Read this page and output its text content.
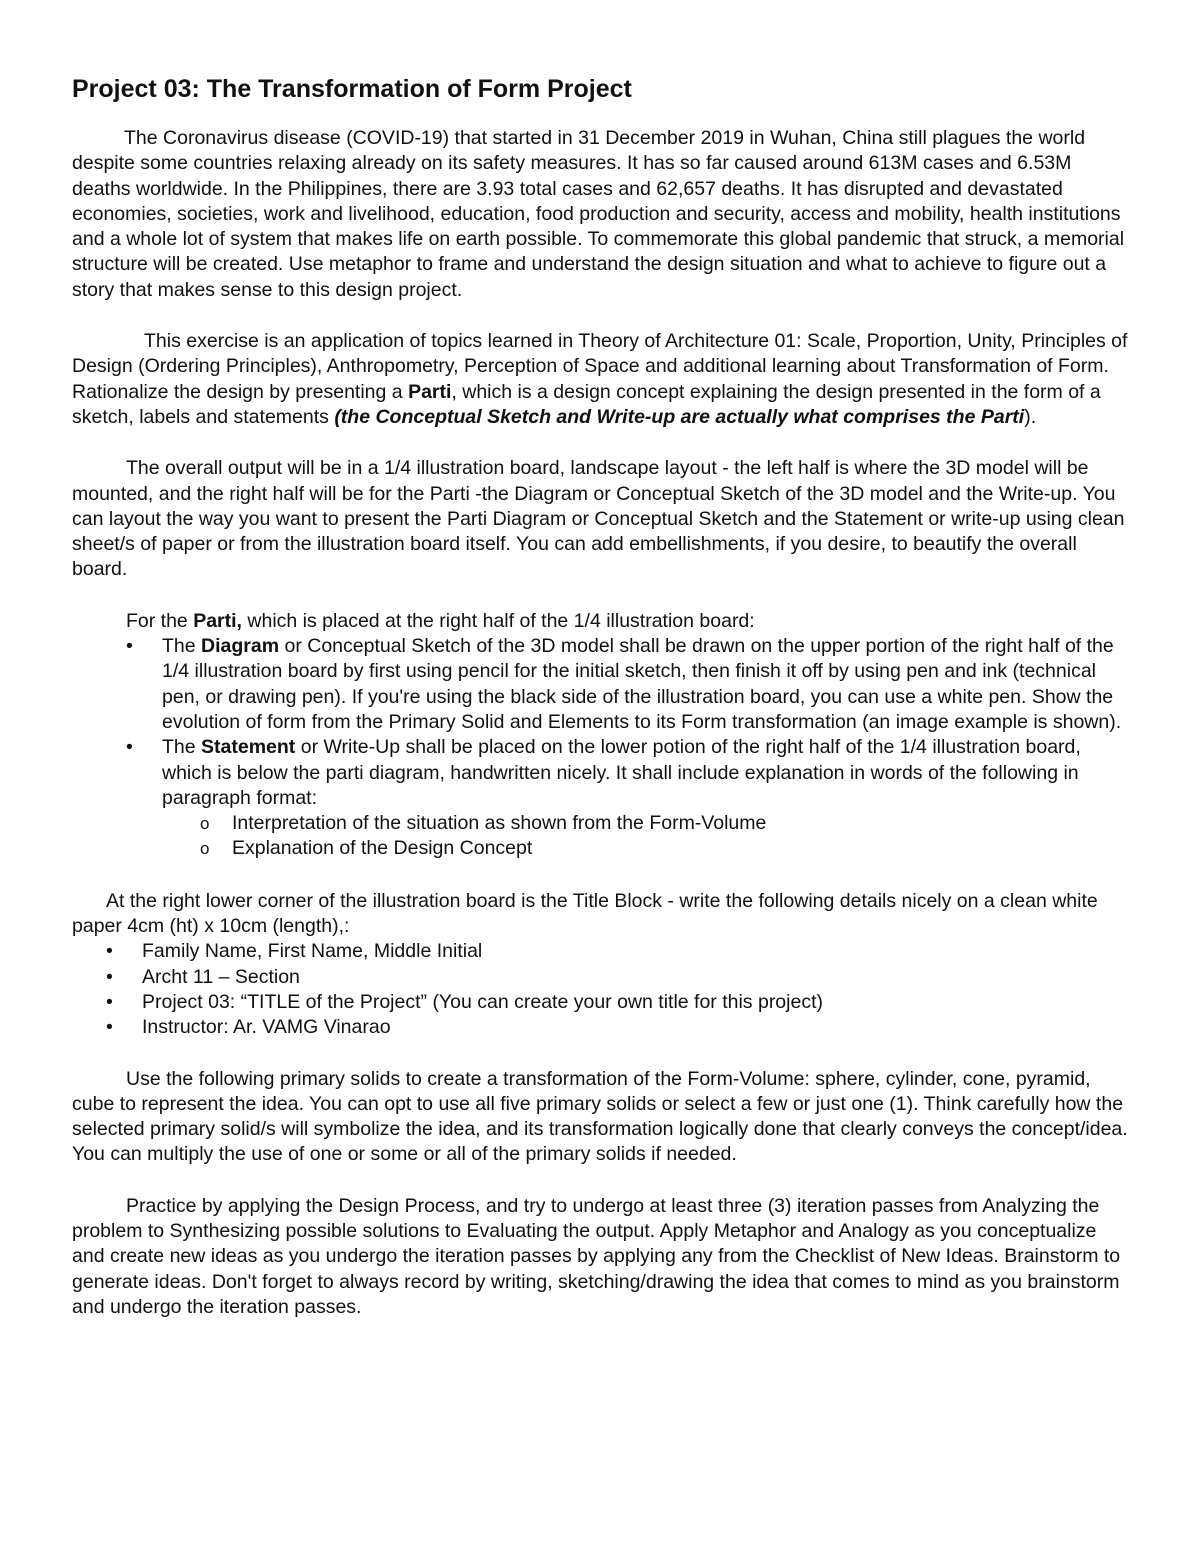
Project 03: The Transformation of Form Project

The Coronavirus disease (COVID-19) that started in 31 December 2019 in Wuhan, China still plagues the world despite some countries relaxing already on its safety measures. It has so far caused around 613M cases and 6.53M deaths worldwide. In the Philippines, there are 3.93 total cases and 62,657 deaths. It has disrupted and devastated economies, societies, work and livelihood, education, food production and security, access and mobility, health institutions and a whole lot of system that makes life on earth possible. To commemorate this global pandemic that struck, a memorial structure will be created. Use metaphor to frame and understand the design situation and what to achieve to figure out a story that makes sense to this design project.

This exercise is an application of topics learned in Theory of Architecture 01: Scale, Proportion, Unity, Principles of Design (Ordering Principles), Anthropometry, Perception of Space and additional learning about Transformation of Form. Rationalize the design by presenting a Parti, which is a design concept explaining the design presented in the form of a sketch, labels and statements (the Conceptual Sketch and Write-up are actually what comprises the Parti).

The overall output will be in a 1/4 illustration board, landscape layout - the left half is where the 3D model will be mounted, and the right half will be for the Parti -the Diagram or Conceptual Sketch of the 3D model and the Write-up. You can layout the way you want to present the Parti Diagram or Conceptual Sketch and the Statement or write-up using clean sheet/s of paper or from the illustration board itself. You can add embellishments, if you desire, to beautify the overall board.

For the Parti, which is placed at the right half of the 1/4 illustration board:

• The Diagram or Conceptual Sketch of the 3D model shall be drawn on the upper portion of the right half of the 1/4 illustration board by first using pencil for the initial sketch, then finish it off by using pen and ink (technical pen, or drawing pen). If you're using the black side of the illustration board, you can use a white pen. Show the evolution of form from the Primary Solid and Elements to its Form transformation (an image example is shown).
• The Statement or Write-Up shall be placed on the lower potion of the right half of the 1/4 illustration board, which is below the parti diagram, handwritten nicely. It shall include explanation in words of the following in paragraph format:
o Interpretation of the situation as shown from the Form-Volume
o Explanation of the Design Concept

At the right lower corner of the illustration board is the Title Block - write the following details nicely on a clean white paper 4cm (ht) x 10cm (length),:

• Family Name, First Name, Middle Initial
• Archt 11 – Section
• Project 03: “TITLE of the Project” (You can create your own title for this project)
• Instructor: Ar. VAMG Vinarao

Use the following primary solids to create a transformation of the Form-Volume: sphere, cylinder, cone, pyramid, cube to represent the idea. You can opt to use all five primary solids or select a few or just one (1). Think carefully how the selected primary solid/s will symbolize the idea, and its transformation logically done that clearly conveys the concept/idea. You can multiply the use of one or some or all of the primary solids if needed.

Practice by applying the Design Process, and try to undergo at least three (3) iteration passes from Analyzing the problem to Synthesizing possible solutions to Evaluating the output. Apply Metaphor and Analogy as you conceptualize and create new ideas as you undergo the iteration passes by applying any from the Checklist of New Ideas. Brainstorm to generate ideas. Don't forget to always record by writing, sketching/drawing the idea that comes to mind as you brainstorm and undergo the iteration passes.
